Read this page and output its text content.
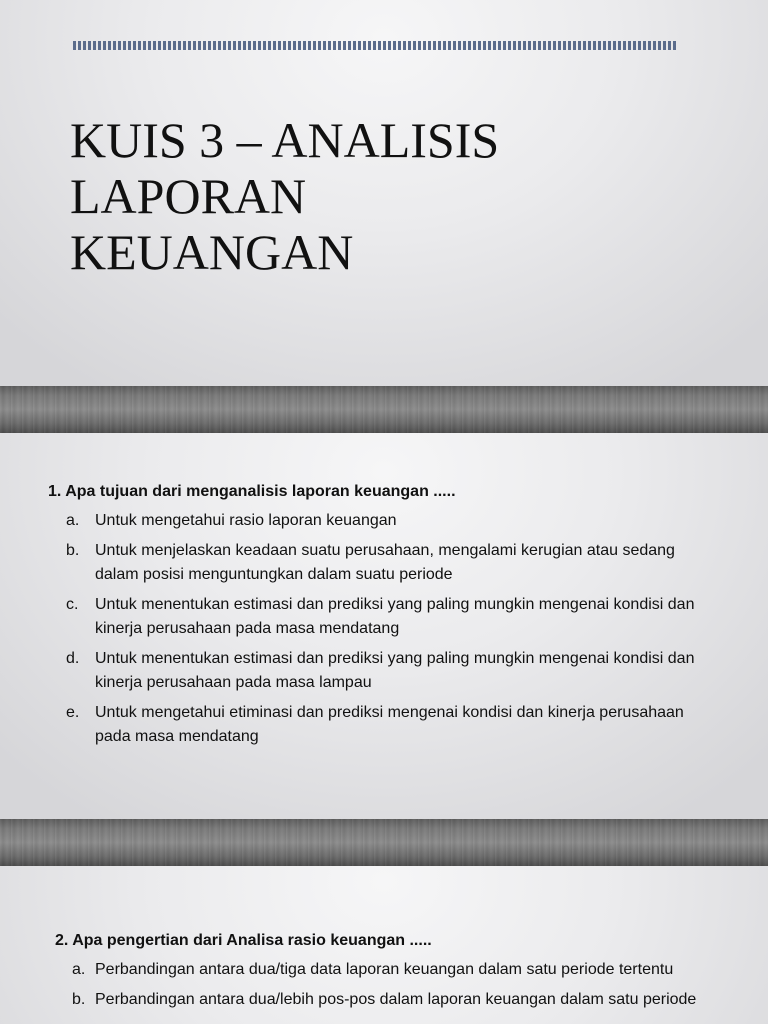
KUIS 3 – ANALISIS
LAPORAN
KEUANGAN

1. Apa tujuan dari menganalisis laporan keuangan .....

a. Untuk mengetahui rasio laporan keuangan
b. Untuk menjelaskan keadaan suatu perusahaan, mengalami kerugian atau sedang dalam posisi menguntungkan dalam suatu periode
c.	Untuk menentukan estimasi dan prediksi yang paling mungkin mengenai kondisi dan kinerja perusahaan pada masa mendatang
d. Untuk menentukan estimasi dan prediksi yang paling mungkin mengenai kondisi dan kinerja perusahaan pada masa lampau
e. Untuk mengetahui etiminasi dan prediksi mengenai kondisi dan kinerja perusahaan pada masa mendatang

2. Apa pengertian dari Analisa rasio keuangan .....

a. Perbandingan antara dua/tiga data laporan keuangan dalam satu periode tertentu
b. Perbandingan antara dua/lebih pos-pos dalam laporan keuangan dalam satu periode
